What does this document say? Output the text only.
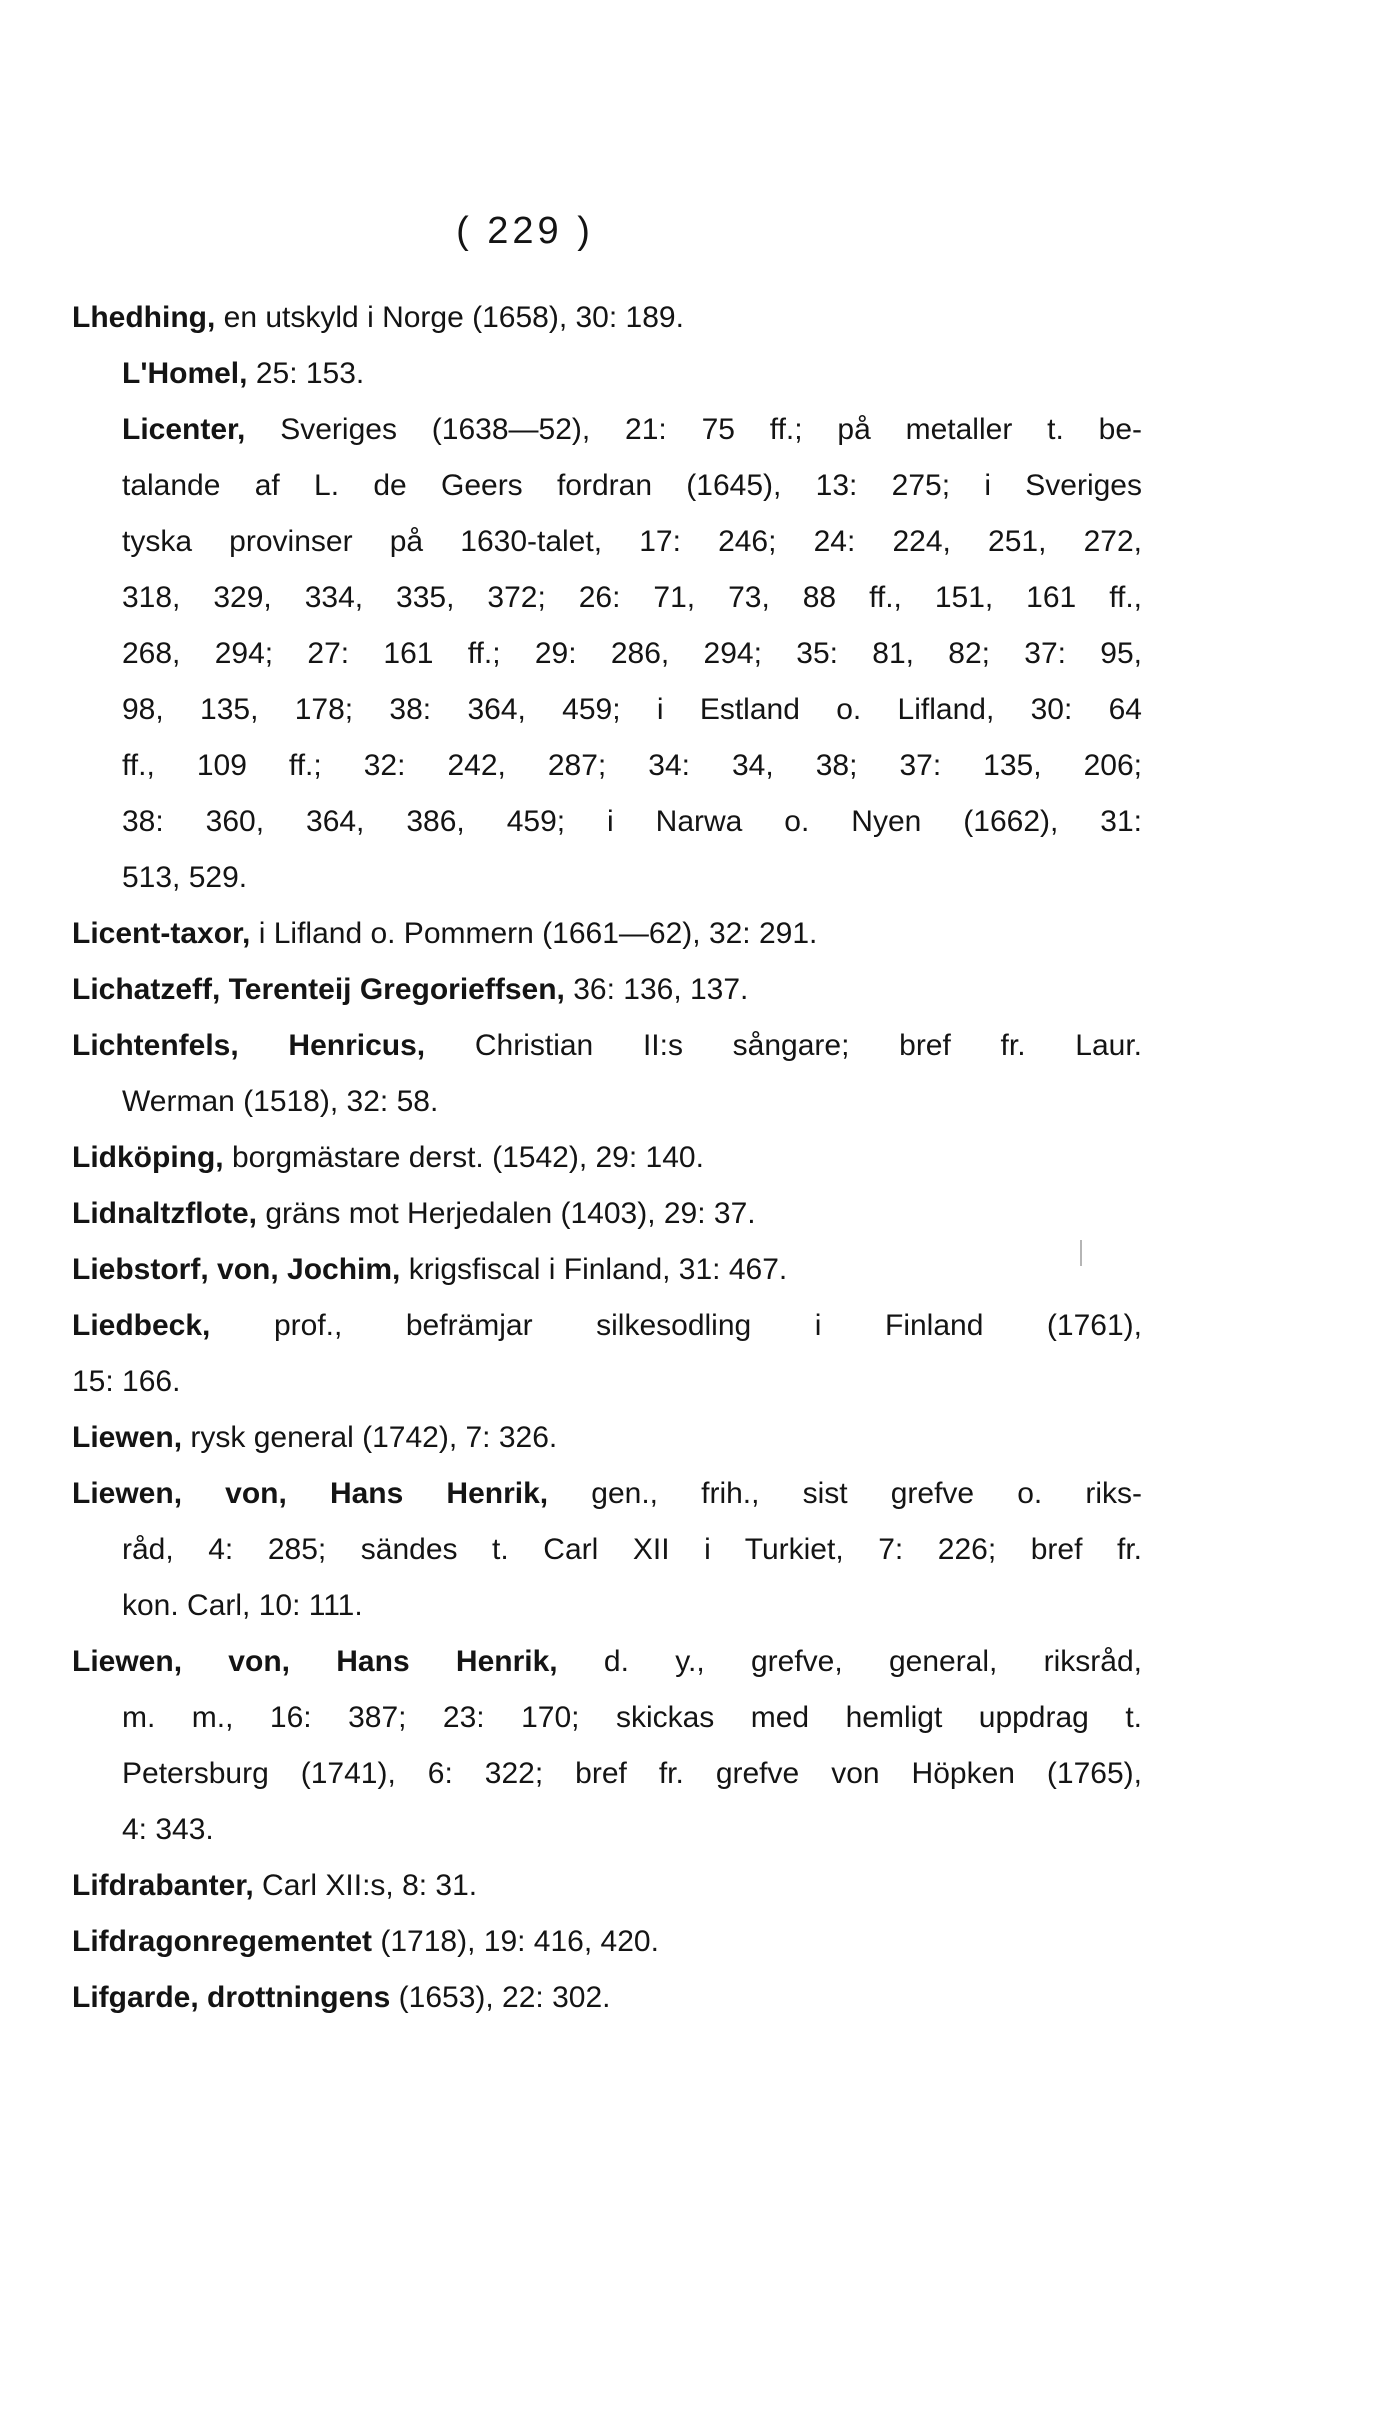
( 229 )
Lhedhing, en utskyld i Norge (1658), 30: 189.
L'Homel, 25: 153.
Licenter, Sveriges (1638—52), 21: 75 ff.; på metaller t. be-
talande af L. de Geers fordran (1645), 13: 275; i Sveriges
tyska provinser på 1630-talet, 17: 246; 24: 224, 251, 272,
318, 329, 334, 335, 372; 26: 71, 73, 88 ff., 151, 161 ff.,
268, 294; 27: 161 ff.; 29: 286, 294; 35: 81, 82; 37: 95,
98, 135, 178; 38: 364, 459; i Estland o. Lifland, 30: 64
ff., 109 ff.; 32: 242, 287; 34: 34, 38; 37: 135, 206;
38: 360, 364, 386, 459; i Narwa o. Nyen (1662), 31:
513, 529.
Licent-taxor, i Lifland o. Pommern (1661—62), 32: 291.
Lichatzeff, Terenteij Gregorieffsen, 36: 136, 137.
Lichtenfels, Henricus, Christian II:s sångare; bref fr. Laur.
Werman (1518), 32: 58.
Lidköping, borgmästare derst. (1542), 29: 140.
Lidnaltzflote, gräns mot Herjedalen (1403), 29: 37.
Liebstorf, von, Jochim, krigsfiscal i Finland, 31: 467.
Liedbeck, prof., befrämjar silkesodling i Finland (1761),
15: 166.
Liewen, rysk general (1742), 7: 326.
Liewen, von, Hans Henrik, gen., frih., sist grefve o. riks-
råd, 4: 285; sändes t. Carl XII i Turkiet, 7: 226; bref fr.
kon. Carl, 10: 111.
Liewen, von, Hans Henrik, d. y., grefve, general, riksråd,
m. m., 16: 387; 23: 170; skickas med hemligt uppdrag t.
Petersburg (1741), 6: 322; bref fr. grefve von Höpken (1765),
4: 343.
Lifdrabanter, Carl XII:s, 8: 31.
Lifdragonregementet (1718), 19: 416, 420.
Lifgarde, drottningens (1653), 22: 302.
